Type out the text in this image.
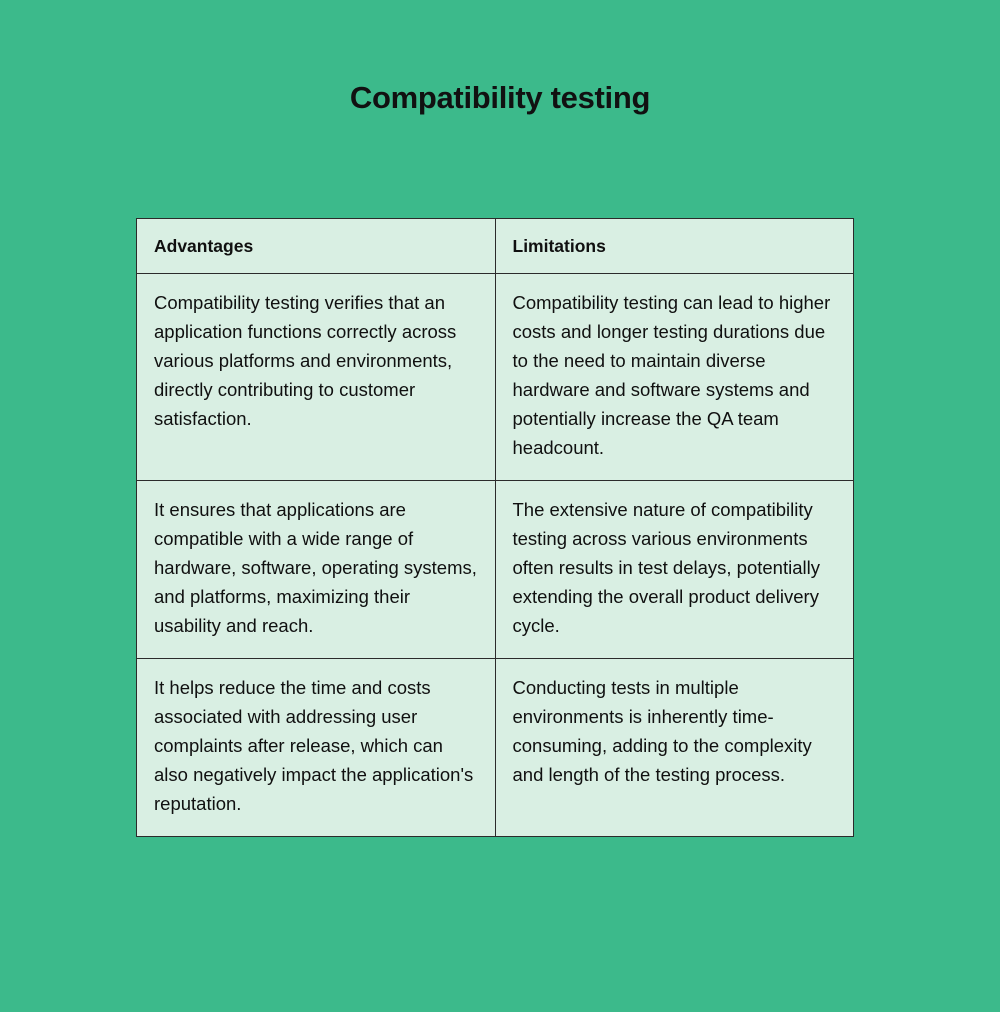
Compatibility testing
Advantages	Limitations
Compatibility testing verifies that an application functions correctly across various platforms and environments, directly contributing to customer satisfaction.	Compatibility testing can lead to higher costs and longer testing durations due to the need to maintain diverse hardware and software systems and potentially increase the QA team headcount.
It ensures that applications are compatible with a wide range of hardware, software, operating systems, and platforms, maximizing their usability and reach.	The extensive nature of compatibility testing across various environments often results in test delays, potentially extending the overall product delivery cycle.
It helps reduce the time and costs associated with addressing user complaints after release, which can also negatively impact the application's reputation.	Conducting tests in multiple environments is inherently time-consuming, adding to the complexity and length of the testing process.
